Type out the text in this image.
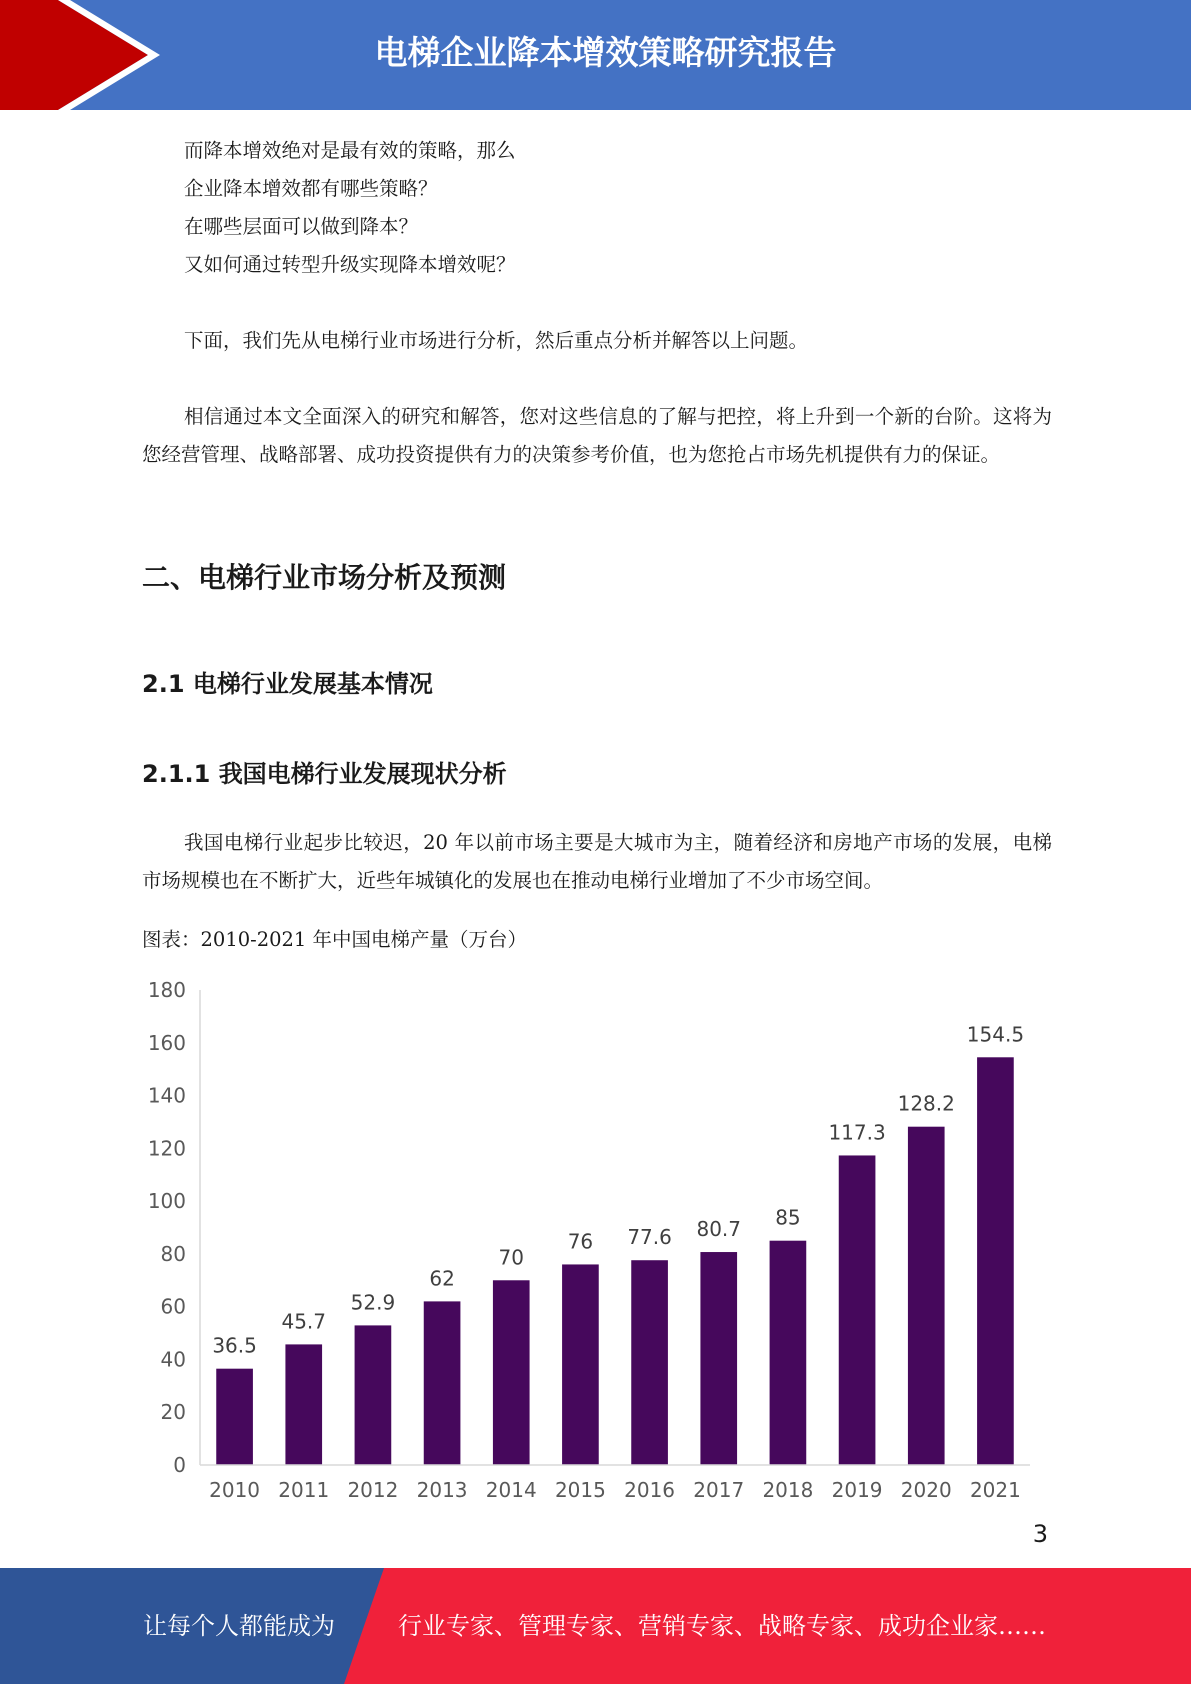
电梯企业降本增效策略研究报告

而降本增效绝对是最有效的策略，那么

企业降本增效都有哪些策略？

在哪些层面可以做到降本？

又如何通过转型升级实现降本增效呢？

下面，我们先从电梯行业市场进行分析，然后重点分析并解答以上问题。

相信通过本文全面深入的研究和解答，您对这些信息的了解与把控，将上升到一个新的台阶。这将为您经营管理、战略部署、成功投资提供有力的决策参考价值，也为您抢占市场先机提供有力的保证。

二、电梯行业市场分析及预测
2.1 电梯行业发展基本情况
2.1.1 我国电梯行业发展现状分析

我国电梯行业起步比较迟，20 年以前市场主要是大城市为主，随着经济和房地产市场的发展，电梯市场规模也在不断扩大，近些年城镇化的发展也在推动电梯行业增加了不少市场空间。

图表：2010-2021 年中国电梯产量（万台）
0
20
40
60
80
100
120
140
160
180
36.5
45.7
52.9
62
70
76 77.6 80.7 85
117.3
128.2
154.5
2010 2011 2012 2013 2014 2015 2016 2017 2018 2019 2020 2021
3
让每个人都能成为	行业专家、管理专家、营销专家、战略专家、成功企业家……
